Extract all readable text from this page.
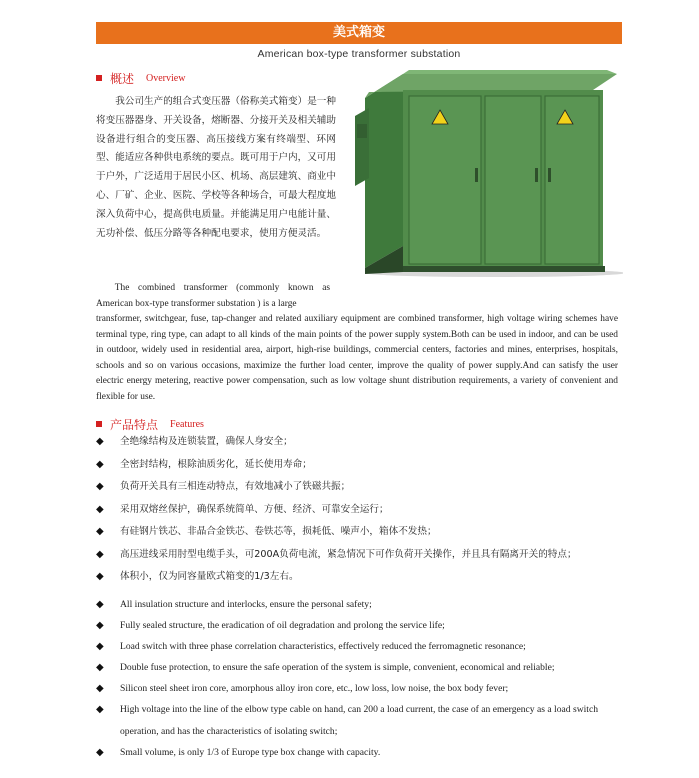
美式箱变
American box-type transformer substation
概述 Overview

我公司生产的组合式变压器（俗称美式箱变）是一种将变压器器身、开关设备，熔断器、分接开关及相关辅助设备进行组合的变压器、高压接线方案有终端型、环网型、能适应各种供电系统的要点。既可用于户内，又可用于户外，广泛适用于居民小区、机场、高层建筑、商业中心、厂矿、企业、医院、学校等各种场合，可最大程度地深入负荷中心，提高供电质量。并能满足用户电能计量、无功补偿、低压分路等各种配电要求，使用方便灵活。

The combined transformer (commonly known as American box-type transformer substation ) is a large

transformer, switchgear, fuse, tap-changer and related auxiliary equipment are combined transformer, high voltage wiring schemes have terminal type, ring type, can adapt to all kinds of the main points of the power supply system.Both can be used in indoor, and can be used in outdoor, widely used in residential area, airport, high-rise buildings, commercial centers, factories and mines, enterprises, hospitals, schools and so on various occasions, maximize the further load center, improve the quality of power supply.And can satisfy the user electric energy metering, reactive power compensation, such as low voltage shunt distribution requirements, a variety of convenient and flexible for use.

产品特点 Features
◆ 全绝缘结构及连锁装置，确保人身安全；
◆ 全密封结构，根除油质劣化，延长使用寿命；
◆ 负荷开关具有三相连动特点，有效地减小了铁磁共振；
◆ 采用双熔丝保护，确保系统简单、方便、经济、可靠安全运行；
◆ 有硅钢片铁芯、非晶合金铁芯、卷铁芯等，损耗低、噪声小，箱体不发热；
◆ 高压进线采用肘型电缆手头，可200A负荷电流，紧急情况下可作负荷开关操作，并且具有隔离开关的特点；
◆ 体积小，仅为同容量欧式箱变的1/3左右。
◆ All insulation structure and interlocks, ensure the personal safety;
◆ Fully sealed structure, the eradication of oil degradation and prolong the service life;
◆ Load switch with three phase correlation characteristics, effectively reduced the ferromagnetic resonance;
◆ Double fuse protection, to ensure the safe operation of the system is simple, convenient, economical and reliable;
◆ Silicon steel sheet iron core, amorphous alloy iron core, etc., low loss, low noise, the box body fever;
◆ High voltage into the line of the elbow type cable on hand, can 200 a load current, the case of an emergency as a load switch operation, and has the characteristics of isolating switch;
◆ Small volume, is only 1/3 of Europe type box change with capacity.
